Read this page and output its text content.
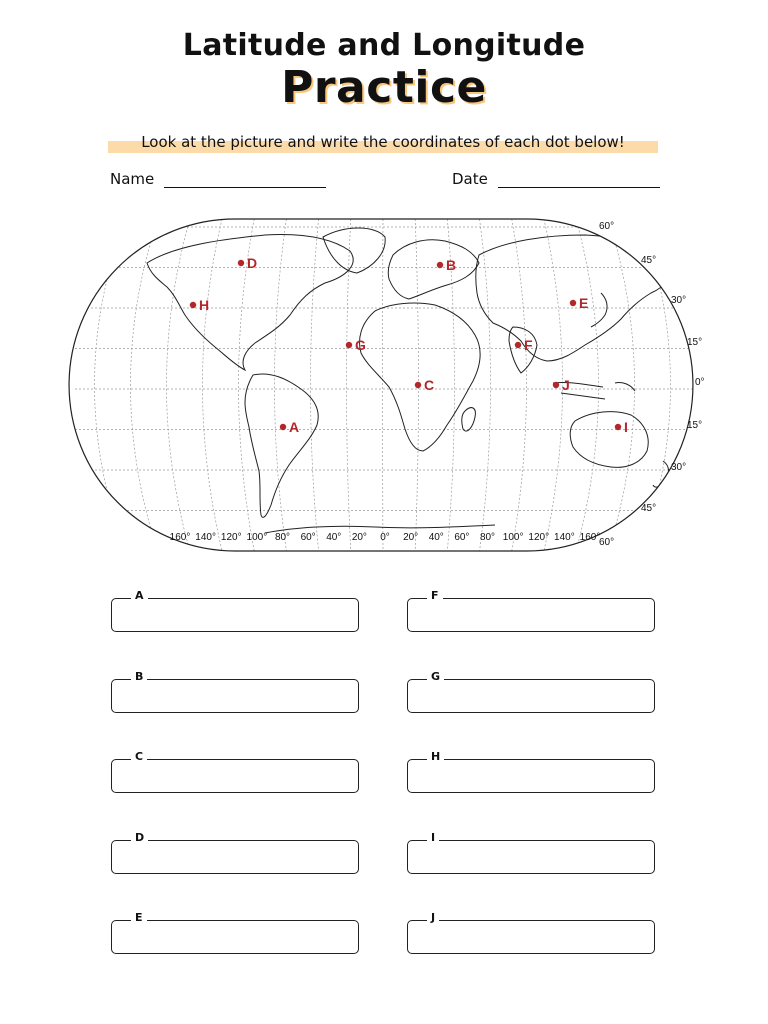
Latitude and Longitude
Practice
Look at the picture and write the coordinates of each dot below!
Name	Date
60°
45°
30°
15°
0°
15°
30°
45°
60°
160° 140° 120° 100° 80° 60° 40° 20° 0° 20° 40° 60° 80° 100° 120° 140° 160°
A
B
C
D
E
F
G
H
I
J
A
B
C
D
E
F
G
H
I
J
